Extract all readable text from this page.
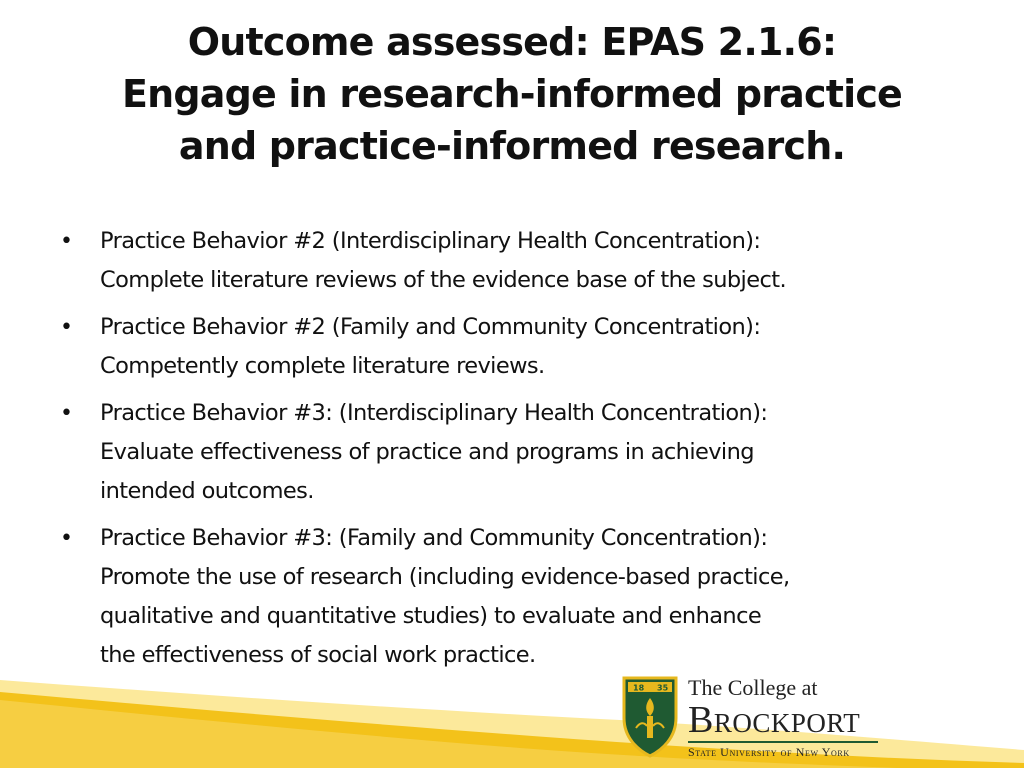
Outcome assessed: EPAS 2.1.6:
Engage in research-informed practice
and practice-informed research.
•	Practice Behavior #2 (Interdisciplinary Health Concentration):
Complete literature reviews of the evidence base of the subject.
•	Practice Behavior #2 (Family and Community Concentration):
Competently complete literature reviews.
•	Practice Behavior #3: (Interdisciplinary Health Concentration):
Evaluate effectiveness of practice and programs in achieving
intended outcomes.
•	Practice Behavior #3: (Family and Community Concentration):
Promote the use of research (including evidence-based practice,
qualitative and quantitative studies) to evaluate and enhance
the effectiveness of social work practice.
18 35 The College at
Brockport
State University of New York
